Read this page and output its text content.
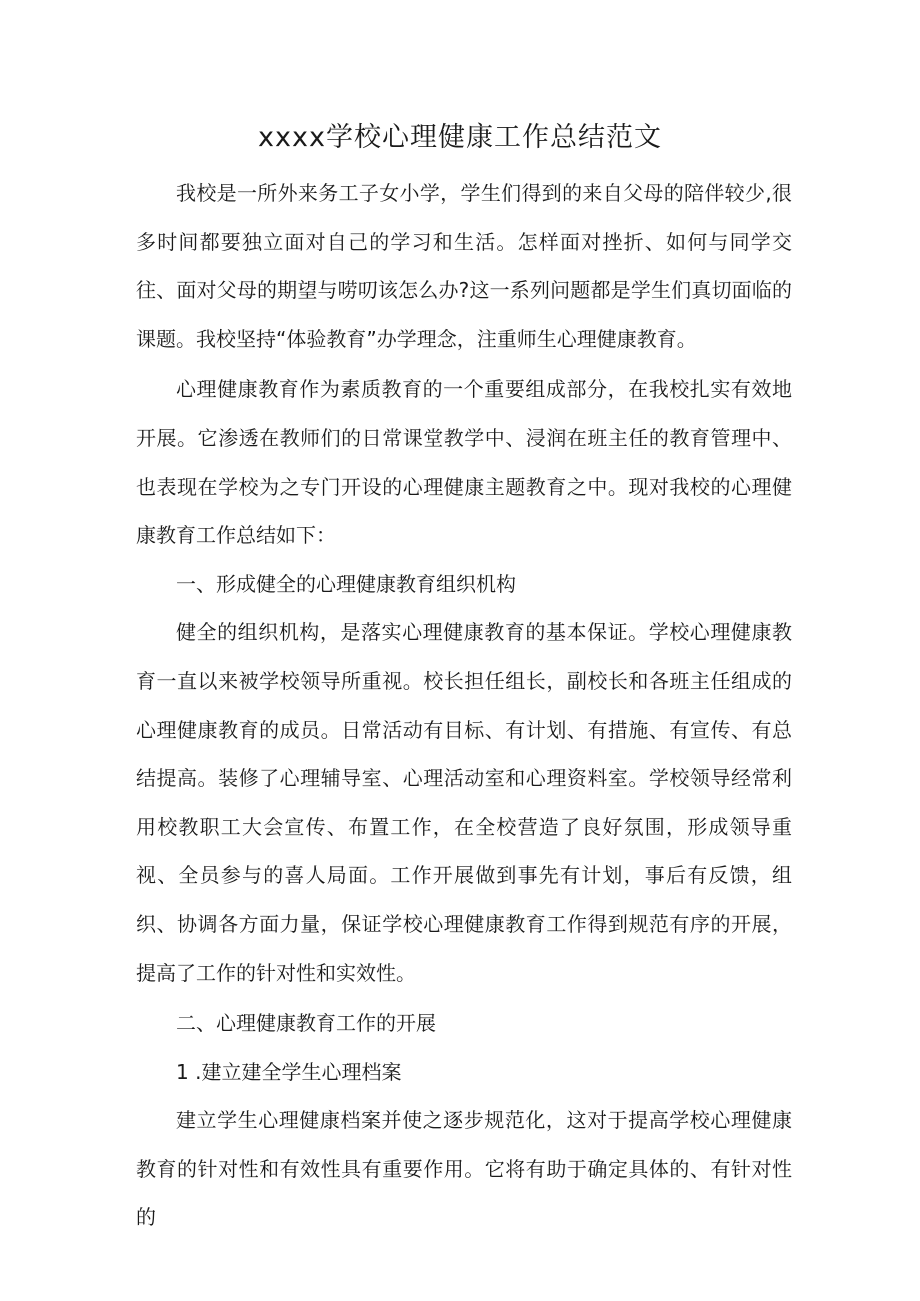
xxxx学校心理健康工作总结范文

我校是一所外来务工子女小学，学生们得到的来自父母的陪伴较少,很多时间都要独立面对自己的学习和生活。怎样面对挫折、如何与同学交往、面对父母的期望与唠叨该怎么办?这一系列问题都是学生们真切面临的课题。我校坚持“体验教育”办学理念，注重师生心理健康教育。

心理健康教育作为素质教育的一个重要组成部分，在我校扎实有效地开展。它渗透在教师们的日常课堂教学中、浸润在班主任的教育管理中、也表现在学校为之专门开设的心理健康主题教育之中。现对我校的心理健康教育工作总结如下：

一、形成健全的心理健康教育组织机构

健全的组织机构，是落实心理健康教育的基本保证。学校心理健康教育一直以来被学校领导所重视。校长担任组长，副校长和各班主任组成的心理健康教育的成员。日常活动有目标、有计划、有措施、有宣传、有总结提高。装修了心理辅导室、心理活动室和心理资料室。学校领导经常利用校教职工大会宣传、布置工作，在全校营造了良好氛围，形成领导重视、全员参与的喜人局面。工作开展做到事先有计划，事后有反馈，组织、协调各方面力量，保证学校心理健康教育工作得到规范有序的开展，提高了工作的针对性和实效性。

二、心理健康教育工作的开展

1 .建立建全学生心理档案

建立学生心理健康档案并使之逐步规范化，这对于提高学校心理健康教育的针对性和有效性具有重要作用。它将有助于确定具体的、有针对性的
